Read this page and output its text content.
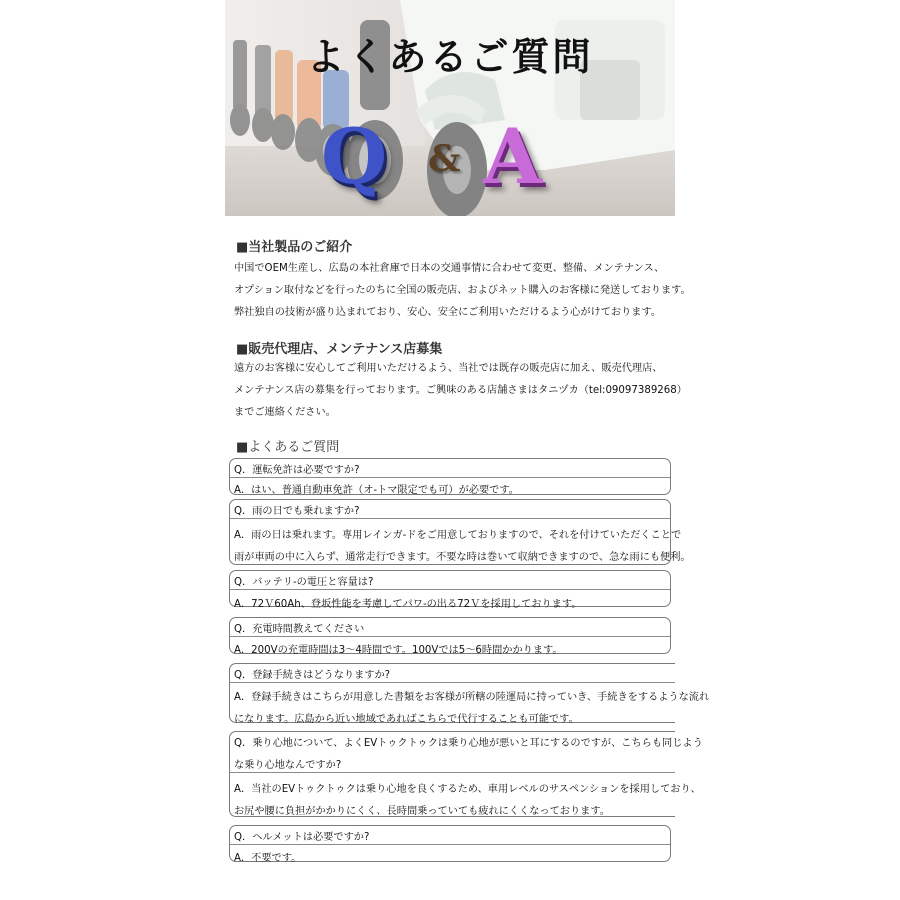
よくあるご質問
Q & A
■当社製品のご紹介
中国でOEM生産し、広島の本社倉庫で日本の交通事情に合わせて変更、整備、メンテナンス、
オプション取付などを行ったのちに全国の販売店、およびネット購入のお客様に発送しております。
弊社独自の技術が盛り込まれており、安心、安全にご利用いただけるよう心がけております。
■販売代理店、メンテナンス店募集
遠方のお客様に安心してご利用いただけるよう、当社では既存の販売店に加え、販売代理店、
メンテナンス店の募集を行っております。ご興味のある店舗さまはタニヅカ（tel:09097389268）
までご連絡ください。
■よくあるご質問
Q．運転免許は必要ですか?
A．はい、普通自動車免許（オ-トマ限定でも可）が必要です。
Q．雨の日でも乗れますか?
A．雨の日は乗れます。専用レインガ-ドをご用意しておりますので、それを付けていただくことで
雨が車両の中に入らず、通常走行できます。不要な時は巻いて収納できますので、急な雨にも便利。
Q．バッテリ-の電圧と容量は?
A．72Ｖ60Ah、登坂性能を考慮してパワ-の出る72Ｖを採用しております。
Q．充電時間教えてください
A．200Vの充電時間は3～4時間です。100Vでは5～6時間かかります。
Q．登録手続きはどうなりますか?
A．登録手続きはこちらが用意した書類をお客様が所轄の陸運局に持っていき、手続きをするような流れ
になります。広島から近い地域であればこちらで代行することも可能です。
Q．乗り心地について、よくEVトゥクトゥクは乗り心地が悪いと耳にするのですが、こちらも同じよう
な乗り心地なんですか?
A．当社のEVトゥクトゥクは乗り心地を良くするため、車用レベルのサスペンションを採用しており、
お尻や腰に負担がかかりにくく、長時間乗っていても疲れにくくなっております。
Q．ヘルメットは必要ですか?
A．不要です。
